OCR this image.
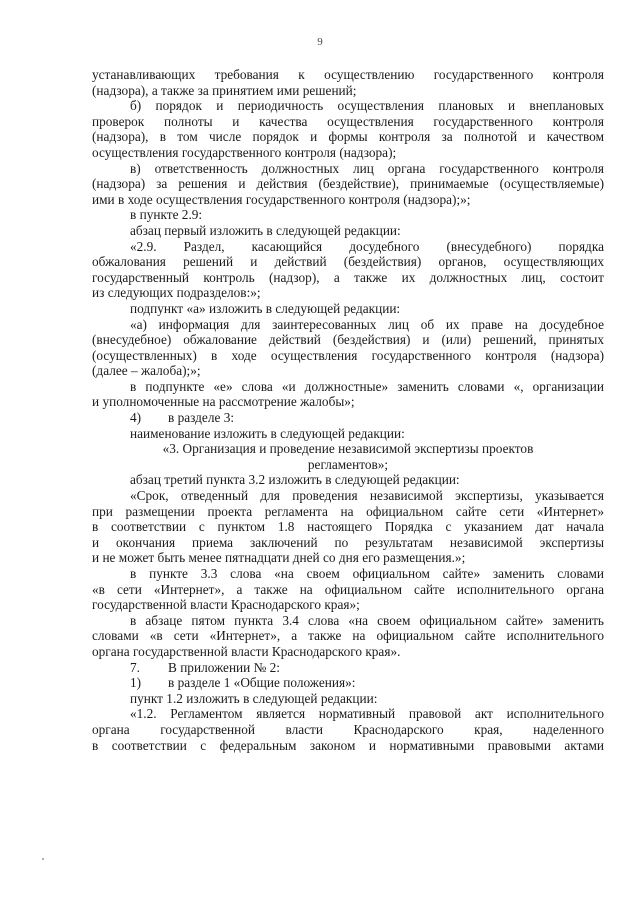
9

устанавливающих требования к осуществлению государственного контроля

(надзора), а также за принятием ими решений;

б) порядок и периодичность осуществления плановых и внеплановых

проверок полноты и качества осуществления государственного контроля

(надзора), в том числе порядок и формы контроля за полнотой и качеством

осуществления государственного контроля (надзора);

в) ответственность должностных лиц органа государственного контроля

(надзора) за решения и действия (бездействие), принимаемые (осуществляемые)

ими в ходе осуществления государственного контроля (надзора);»;

в пункте 2.9:

абзац первый изложить в следующей редакции:

«2.9. Раздел, касающийся досудебного (внесудебного) порядка

обжалования решений и действий (бездействия) органов, осуществляющих

государственный контроль (надзор), а также их должностных лиц, состоит

из следующих подразделов:»;

подпункт «а» изложить в следующей редакции:

«а) информация для заинтересованных лиц об их праве на досудебное

(внесудебное) обжалование действий (бездействия) и (или) решений, принятых

(осуществленных) в ходе осуществления государственного контроля (надзора)

(далее – жалоба);»;

в подпункте «е» слова «и должностные» заменить словами «, организации

и уполномоченные на рассмотрение жалобы»;

4) в разделе 3:

наименование изложить в следующей редакции:

«3. Организация и проведение независимой экспертизы проектов

регламентов»;

абзац третий пункта 3.2 изложить в следующей редакции:

«Срок, отведенный для проведения независимой экспертизы, указывается

при размещении проекта регламента на официальном сайте сети «Интернет»

в соответствии с пунктом 1.8 настоящего Порядка с указанием дат начала

и окончания приема заключений по результатам независимой экспертизы

и не может быть менее пятнадцати дней со дня его размещения.»;

в пункте 3.3 слова «на своем официальном сайте» заменить словами

«в сети «Интернет», а также на официальном сайте исполнительного органа

государственной власти Краснодарского края»;

в абзаце пятом пункта 3.4 слова «на своем официальном сайте» заменить

словами «в сети «Интернет», а также на официальном сайте исполнительного

органа государственной власти Краснодарского края».

7. В приложении № 2:

1) в разделе 1 «Общие положения»:

пункт 1.2 изложить в следующей редакции:

«1.2. Регламентом является нормативный правовой акт исполнительного

органа государственной власти Краснодарского края, наделенного

в соответствии с федеральным законом и нормативными правовыми актами
